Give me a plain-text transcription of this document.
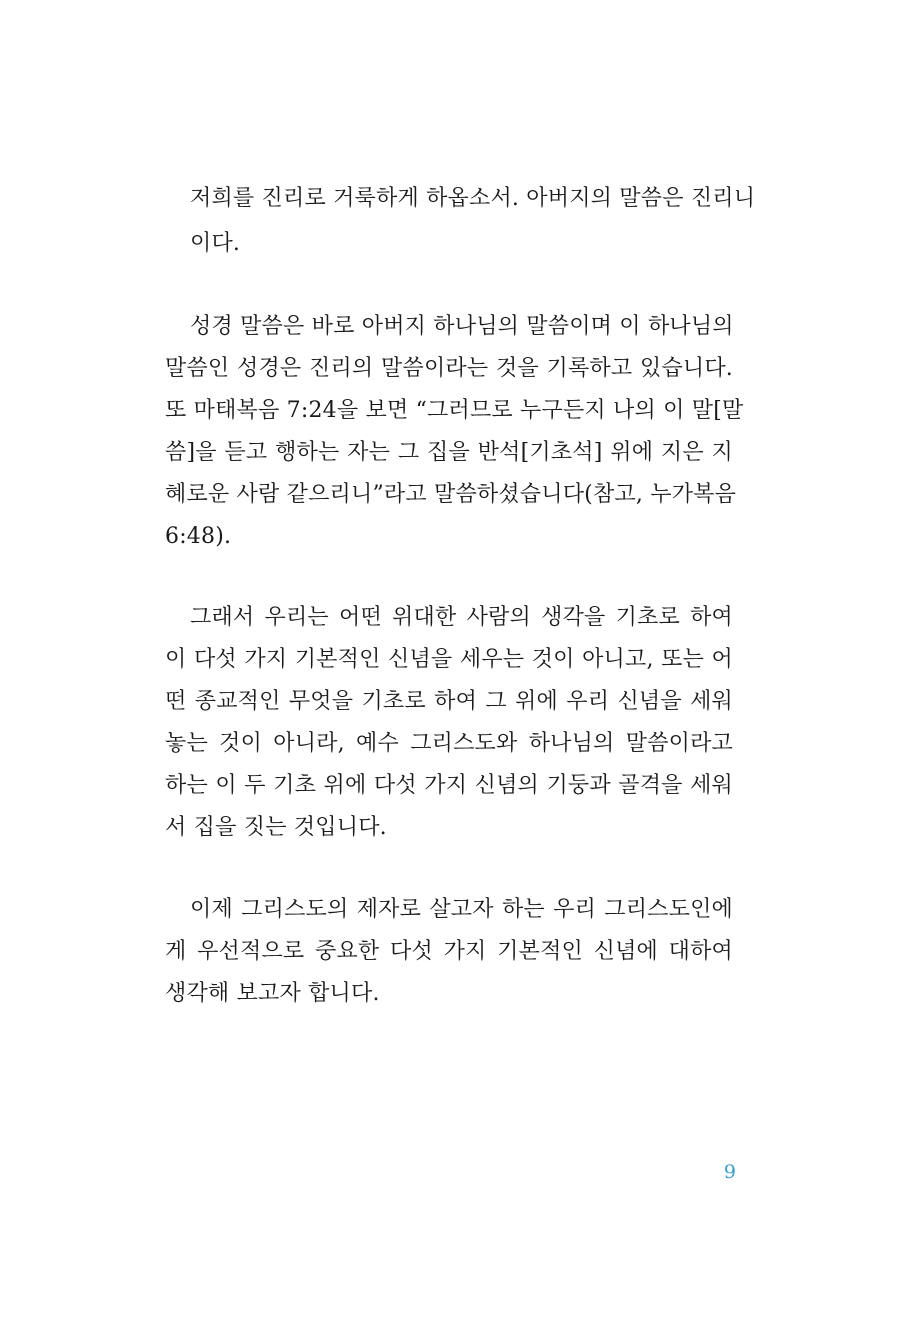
저희를 진리로 거룩하게 하옵소서. 아버지의 말씀은 진리니
이다.
성경 말씀은 바로 아버지 하나님의 말씀이며 이 하나님의
말씀인 성경은 진리의 말씀이라는 것을 기록하고 있습니다.
또 마태복음 7:24을 보면 “그러므로 누구든지 나의 이 말[말
씀]을 듣고 행하는 자는 그 집을 반석[기초석] 위에 지은 지
혜로운 사람 같으리니”라고 말씀하셨습니다(참고, 누가복음
6:48).
그래서 우리는 어떤 위대한 사람의 생각을 기초로 하여
이 다섯 가지 기본적인 신념을 세우는 것이 아니고, 또는 어
떤 종교적인 무엇을 기초로 하여 그 위에 우리 신념을 세워
놓는 것이 아니라, 예수 그리스도와 하나님의 말씀이라고
하는 이 두 기초 위에 다섯 가지 신념의 기둥과 골격을 세워
서 집을 짓는 것입니다.
이제 그리스도의 제자로 살고자 하는 우리 그리스도인에
게 우선적으로 중요한 다섯 가지 기본적인 신념에 대하여
생각해 보고자 합니다.
9
